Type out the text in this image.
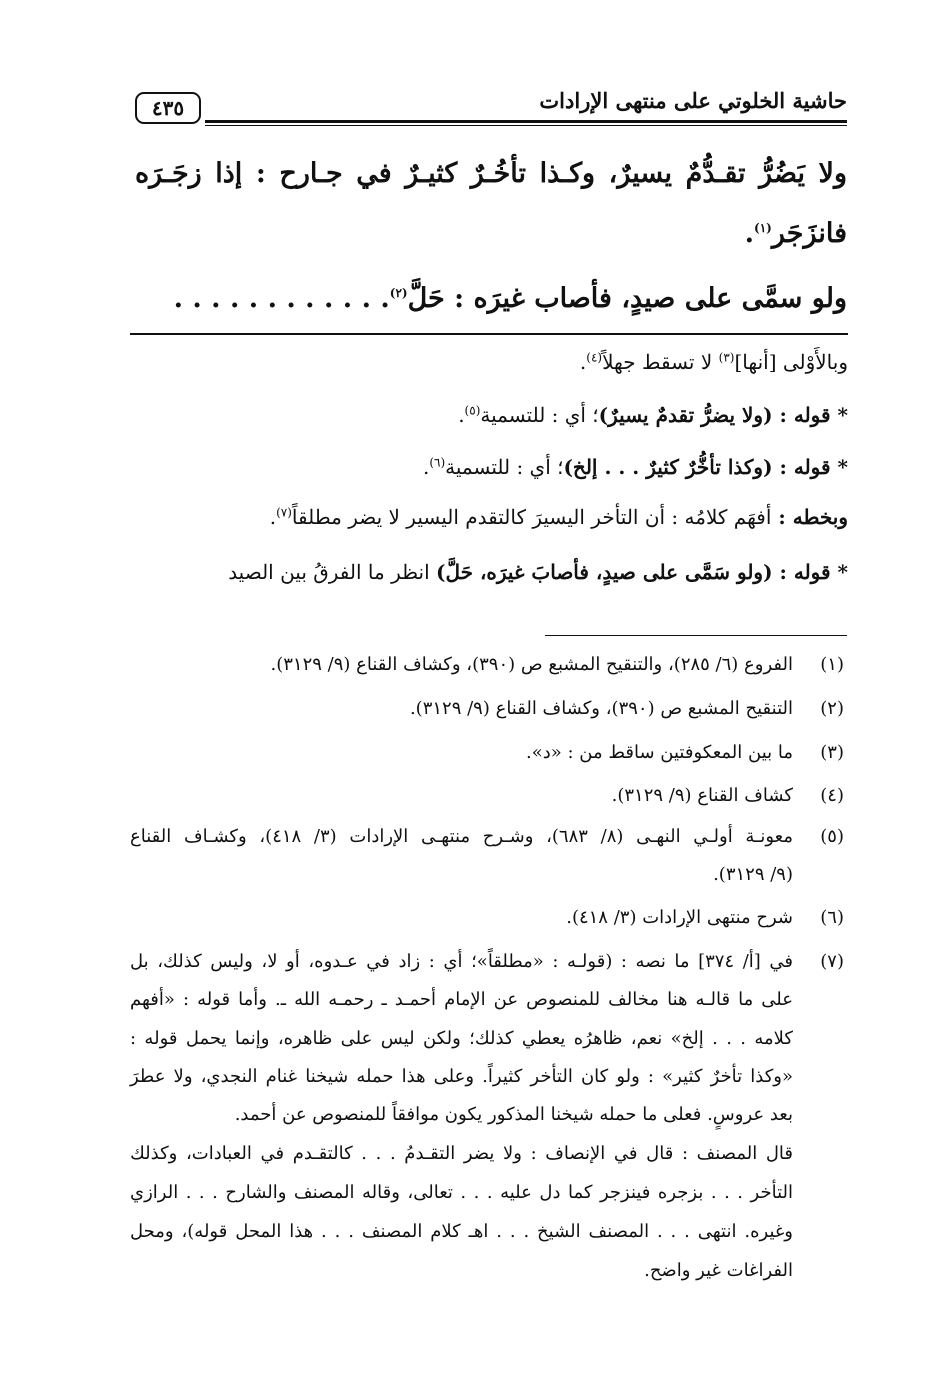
حاشية الخلوتي على منتهى الإرادات
٤٣٥
ولا يَضُرُّ تقـدُّمٌ يسيرٌ، وكـذا تأخُـرٌ كثيـرٌ في جـارح : إذا زجَـرَه
فانزَجَر$^{(١)}$.
ولو سمَّى على صيدٍ، فأصاب غيرَه : حَلَّ$^{(٢)}$. . . . . . . . . . . .
وبالأَوْلى [أنها]$^{(٣)}$ لا تسقط جهلاً$^{(٤)}$.
* قوله : (ولا يضرُّ تقدمٌ يسيرٌ)؛ أي : للتسمية$^{(٥)}$.
* قوله : (وكذا تأخُّرٌ كثيرٌ . . . إلخ)؛ أي : للتسمية$^{(٦)}$.
وبخطه : أفهَم كلامُه : أن التأخر اليسيرَ كالتقدم اليسير لا يضر مطلقاً$^{(٧)}$.
* قوله : (ولو سَمَّى على صيدٍ، فأصابَ غيرَه، حَلَّ) انظر ما الفرقُ بين الصيد
(١)
الفروع (٦/ ٢٨٥)، والتنقيح المشبع ص (٣٩٠)، وكشاف القناع (٩/ ٣١٢٩).
(٢)
التنقيح المشبع ص (٣٩٠)، وكشاف القناع (٩/ ٣١٢٩).
(٣)
ما بين المعكوفتين ساقط من : «د».
(٤)
كشاف القناع (٩/ ٣١٢٩).
(٥)
معونـة أولـي النهـى (٨/ ٦٨٣)، وشـرح منتهـى الإرادات (٣/ ٤١٨)، وكشـاف القناع
(٩/ ٣١٢٩).
(٦)
شرح منتهى الإرادات (٣/ ٤١٨).
(٧)
في [أ/ ٣٧٤] ما نصه : (قولـه : «مطلقاً»؛ أي : زاد في عـدوه، أو لا، وليس كذلك، بل
على ما قالـه هنا مخالف للمنصوص عن الإمام أحمـد ـ رحمـه الله ـ. وأما قوله : «أفهم
كلامه . . . إلخ» نعم، ظاهرُه يعطي كذلك؛ ولكن ليس على ظاهره، وإنما يحمل قوله :
«وكذا تأخرٌ كثير» : ولو كان التأخر كثيراً. وعلى هذا حمله شيخنا غنام النجدي، ولا عطرَ
بعد عروسٍ. فعلى ما حمله شيخنا المذكور يكون موافقاً للمنصوص عن أحمد.
قال المصنف : قال في الإنصاف : ولا يضر التقـدمُ . . . كالتقـدم في العبادات، وكذلك
التأخر . . . بزجره فينزجر كما دل عليه . . . تعالى، وقاله المصنف والشارح . . . الرازي
وغيره. انتهى . . . المصنف الشيخ . . . اهـ كلام المصنف . . . هذا المحل قوله)، ومحل
الفراغات غير واضح.
